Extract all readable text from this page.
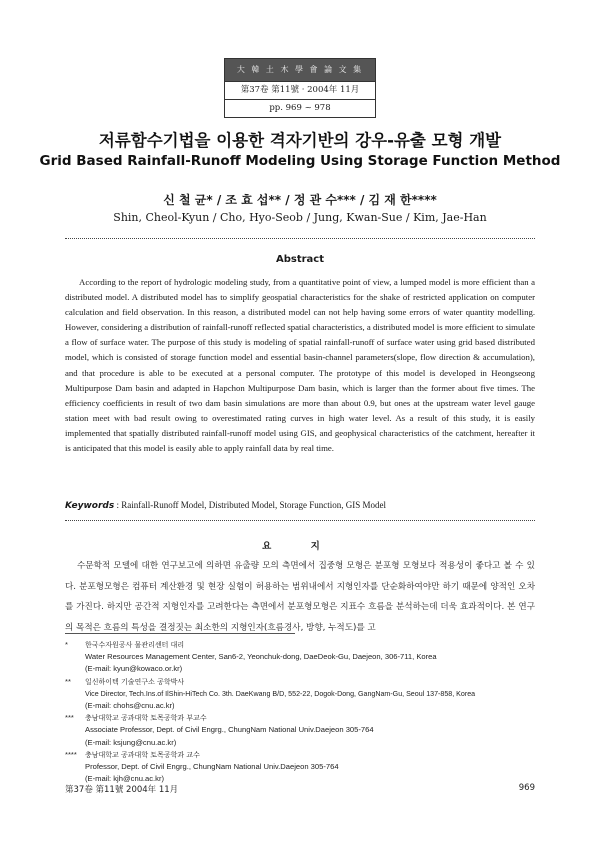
大 韓 土 木 學 會 論 文 集
第37卷 第11號 · 2004年 11月
pp. 969 ~ 978
저류함수기법을 이용한 격자기반의 강우-유출 모형 개발
Grid Based Rainfall-Runoff Modeling Using Storage Function Method
신 철 균* / 조 효 섭** / 정 관 수*** / 김 재 한****
Shin, Cheol-Kyun / Cho, Hyo-Seob / Jung, Kwan-Sue / Kim, Jae-Han
Abstract

According to the report of hydrologic modeling study, from a quantitative point of view, a lumped model is more efficient than a distributed model. A distributed model has to simplify geospatial characteristics for the shake of restricted application on computer calculation and field observation. In this reason, a distributed model can not help having some errors of water quantity modelling. However, considering a distribution of rainfall-runoff reflected spatial characteristics, a distributed model is more efficient to simulate a flow of surface water. The purpose of this study is modeling of spatial rainfall-runoff of surface water using grid based distributed model, which is consisted of storage function model and essential basin-channel parameters(slope, flow direction & accumulation), and that procedure is able to be executed at a personal computer. The prototype of this model is developed in Heongseong Multipurpose Dam basin and adapted in Hapchon Multipurpose Dam basin, which is larger than the former about five times. The efficiency coefficients in result of two dam basin simulations are more than about 0.9, but ones at the upstream water level gauge station meet with bad result owing to overestimated rating curves in high water level. As a result of this study, it is easily implemented that spatially distributed rainfall-runoff model using GIS, and geophysical characteristics of the catchment, hereafter it is anticipated that this model is easily able to apply rainfall data by real time.

Keywords : Rainfall-Runoff Model, Distributed Model, Storage Function, GIS Model
요 지

수문학적 모델에 대한 연구보고에 의하면 유출량 모의 측면에서 집중형 모형은 분포형 모형보다 적용성이 좋다고 볼 수 있다. 분포형모형은 컴퓨터 계산환경 및 현장 실험이 허용하는 범위내에서 지형인자를 단순화하여야만 하기 때문에 양적인 오차를 가진다. 하지만 공간적 지형인자를 고려한다는 측면에서 분포형모형은 지표수 흐름을 분석하는데 더욱 효과적이다. 본 연구의 목적은 흐름의 특성을 결정짓는 최소한의 지형인자(흐름경사, 방향, 누적도)를 고

*	한국수자원공사 물관리센터 대리
Water Resources Management Center, San6-2, Yeonchuk-dong, DaeDeok-Gu, Daejeon, 306-711, Korea
(E-mail: kyun@kowaco.or.kr)
**	일신하이텍 기술연구소 공학박사
Vice Director, Tech.Ins.of IlShin-HiTech Co. 3th. DaeKwang B/D, 552-22, Dogok-Dong, GangNam-Gu, Seoul 137-858, Korea
(E-mail: chohs@cnu.ac.kr)
***	충남대학교 공과대학 토목공학과 부교수
Associate Professor, Dept. of Civil Engrg., ChungNam National Univ.Daejeon 305-764
(E-mail: ksjung@cnu.ac.kr)
****	충남대학교 공과대학 토목공학과 교수
Professor, Dept. of Civil Engrg., ChungNam National Univ.Daejeon 305-764
(E-mail: kjh@cnu.ac.kr)
第37卷 第11號 2004年 11月	969
